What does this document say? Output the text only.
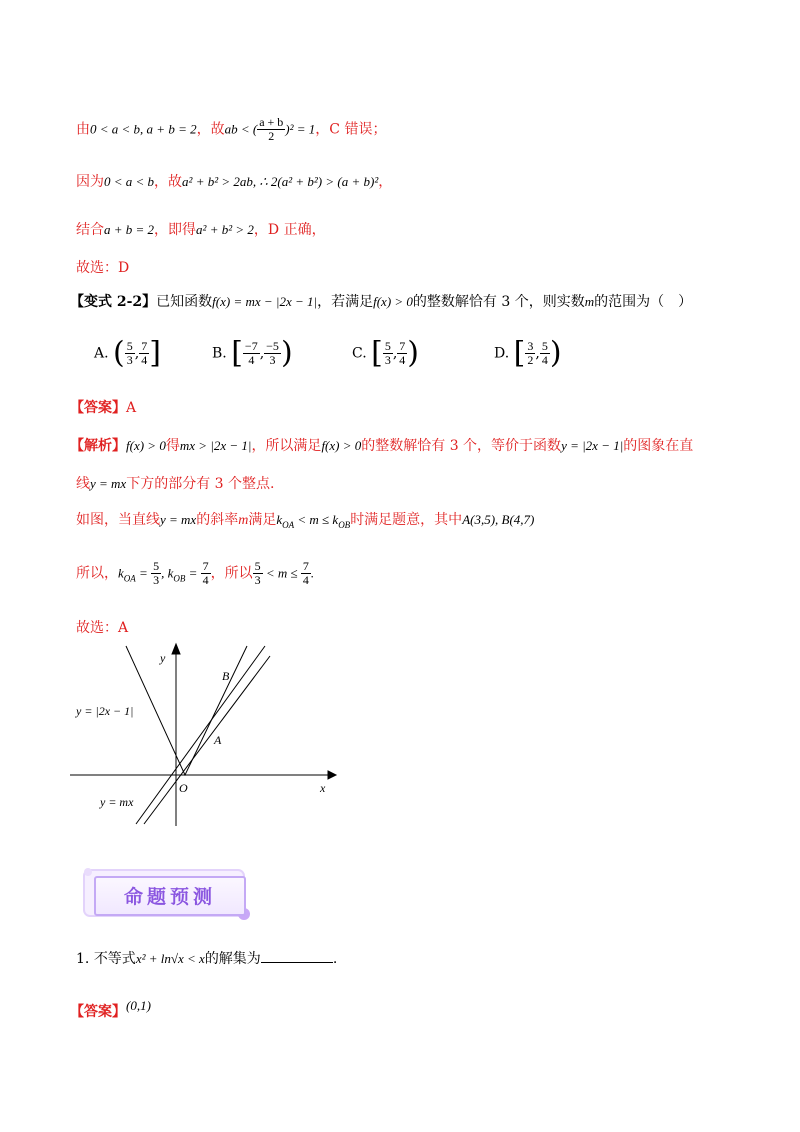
由0 < a < b, a + b = 2，故ab < ( $\frac{a + b}{2} )^2 = 1$，C 错误；
因为0 < a < b，故a² + b² > 2ab, ∴ 2(a² + b²) > (a + b)²，
结合a + b = 2，即得a² + b² > 2，D 正确，
故选：D
【变式 2-2】已知函数f(x) = mx − |2x − 1|，若满足f(x) > 0的整数解恰有 3 个，则实数m的范围为（　）
A. ( $\frac{5}{3}$ , $\frac{7}{4}$ ]	B. [ $\frac{-7}{4}$ , $\frac{-5}{3}$ )	C. [ $\frac{5}{3}$ , $\frac{7}{4}$ )	D. [ $\frac{3}{2}$ , $\frac{5}{4}$ )
【答案】A
【解析】f(x) > 0得mx > |2x − 1|，所以满足f(x) > 0的整数解恰有 3 个，等价于函数y = |2x − 1|的图象在直
线y = mx下方的部分有 3 个整点.
如图，当直线y = mx的斜率m满足$k_{OA} < m \le k_{OB}$时满足题意，其中A(3,5), B(4,7)
所以，$k_{OA} = \frac{5}{3}$ , $k_{OB} = \frac{7}{4}$ ，所以 $\frac{5}{3} < m \le \frac{7}{4}$ .
故选：A
y = |2x − 1|
y = mx
y
x
O
A
B
命题预测
1. 不等式x² + ln√x < x的解集为	.
【答案】(0,1)
